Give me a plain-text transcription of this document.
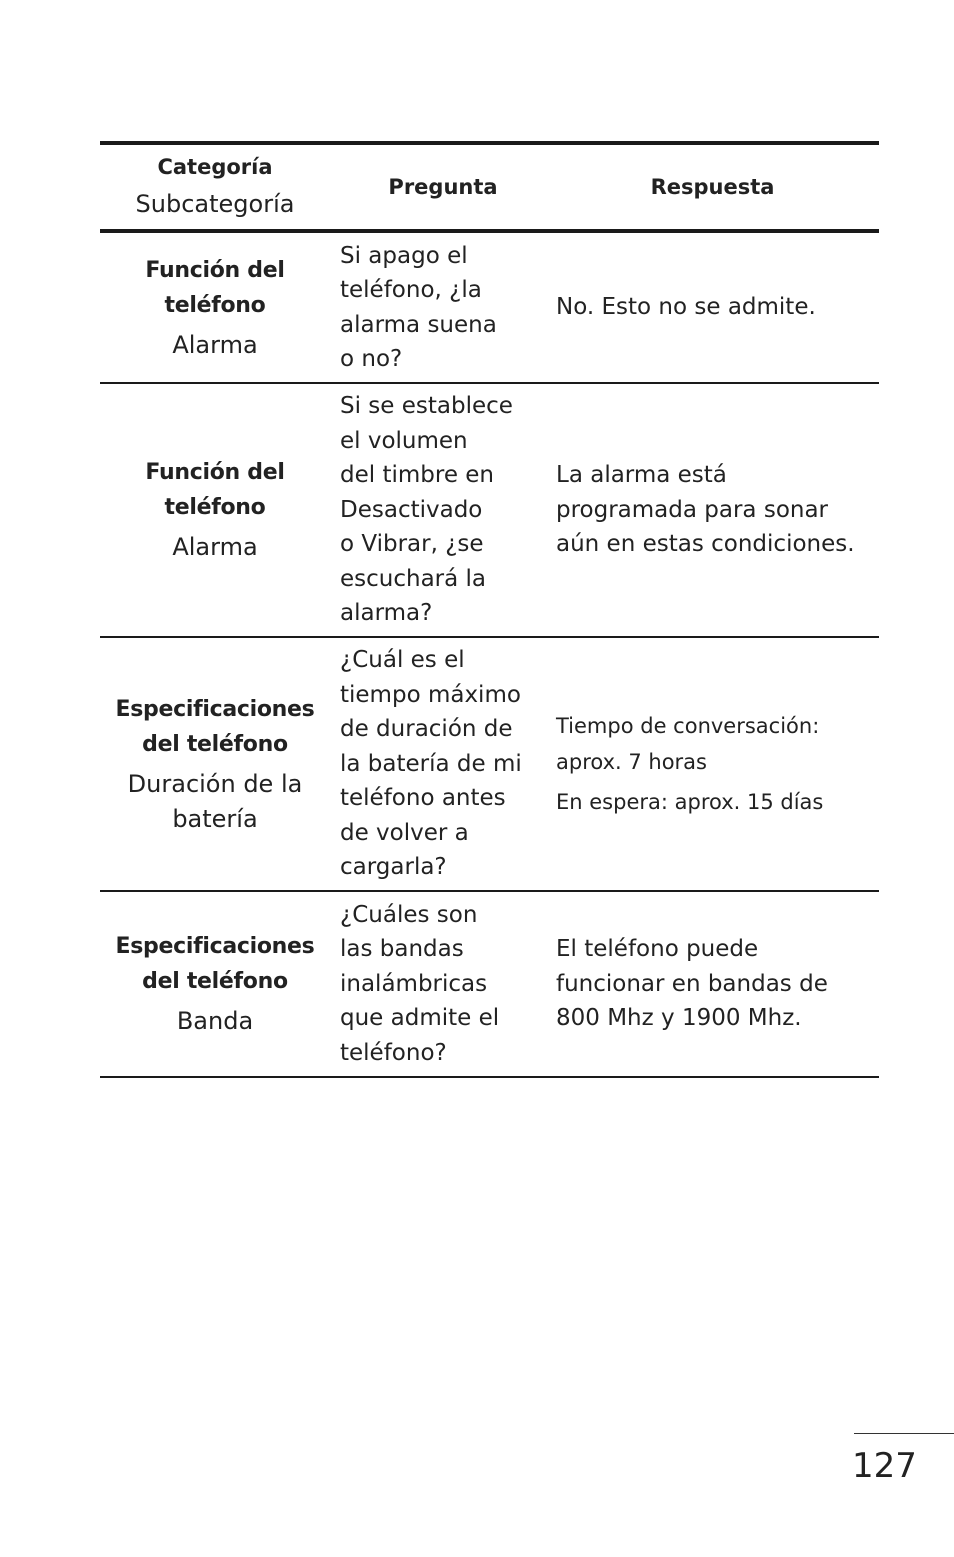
Categoría
Subcategoría
Pregunta	Respuesta
Función del
teléfono
Alarma
Si apago el
teléfono, ¿la
alarma suena
o no?
No. Esto no se admite.
Función del
teléfono
Alarma
Si se establece
el volumen
del timbre en
Desactivado
o Vibrar, ¿se
escuchará la
alarma?
La alarma está
programada para sonar
aún en estas condiciones.
Especificaciones
del teléfono
Duración de la
batería
¿Cuál es el
tiempo máximo
de duración de
la batería de mi
teléfono antes
de volver a
cargarla?
Tiempo de conversación:
aprox. 7 horas
En espera: aprox. 15 días
Especificaciones
del teléfono
Banda
¿Cuáles son
las bandas
inalámbricas
que admite el
teléfono?
El teléfono puede
funcionar en bandas de
800 Mhz y 1900 Mhz.
127
